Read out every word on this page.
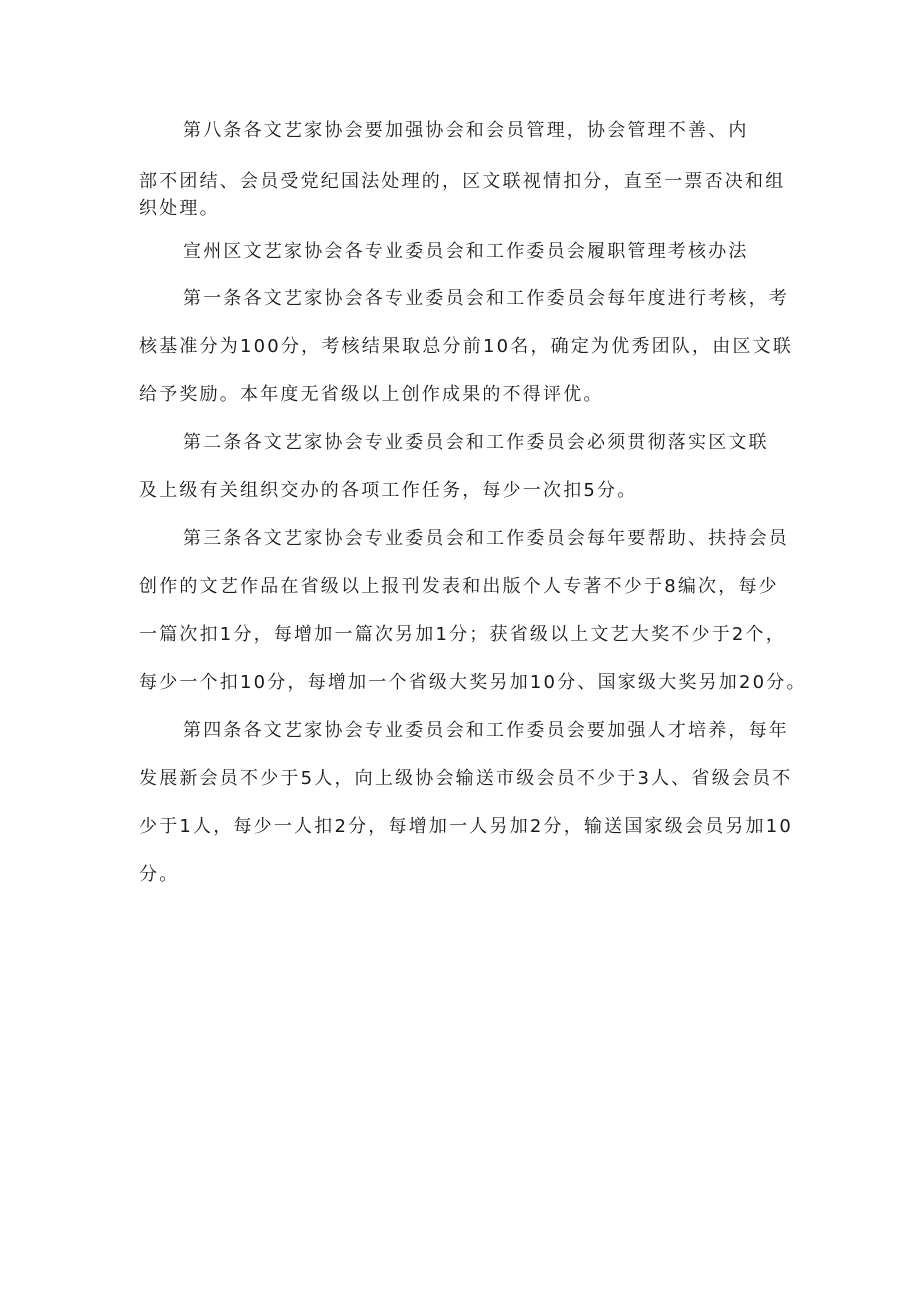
第八条各文艺家协会要加强协会和会员管理，协会管理不善、内
部不团结、会员受党纪国法处理的，区文联视情扣分，直至一票否决和组
织处理。
宣州区文艺家协会各专业委员会和工作委员会履职管理考核办法
第一条各文艺家协会各专业委员会和工作委员会每年度进行考核，考
核基准分为100分，考核结果取总分前10名，确定为优秀团队，由区文联
给予奖励。本年度无省级以上创作成果的不得评优。
第二条各文艺家协会专业委员会和工作委员会必须贯彻落实区文联
及上级有关组织交办的各项工作任务，每少一次扣5分。
第三条各文艺家协会专业委员会和工作委员会每年要帮助、扶持会员
创作的文艺作品在省级以上报刊发表和出版个人专著不少于8编次，每少
一篇次扣1分，每增加一篇次另加1分；获省级以上文艺大奖不少于2个，
每少一个扣10分，每增加一个省级大奖另加10分、国家级大奖另加20分。
第四条各文艺家协会专业委员会和工作委员会要加强人才培养，每年
发展新会员不少于5人，向上级协会输送市级会员不少于3人、省级会员不
少于1人，每少一人扣2分，每增加一人另加2分，输送国家级会员另加10
分。
